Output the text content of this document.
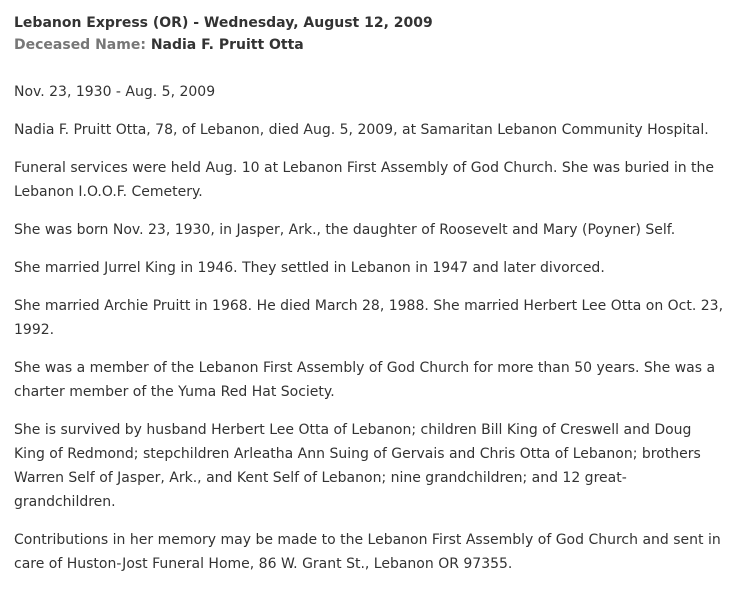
Lebanon Express (OR) - Wednesday, August 12, 2009
Deceased Name: Nadia F. Pruitt Otta

Nov. 23, 1930 - Aug. 5, 2009

Nadia F. Pruitt Otta, 78, of Lebanon, died Aug. 5, 2009, at Samaritan Lebanon Community Hospital.

Funeral services were held Aug. 10 at Lebanon First Assembly of God Church. She was buried in the Lebanon I.O.O.F. Cemetery.

She was born Nov. 23, 1930, in Jasper, Ark., the daughter of Roosevelt and Mary (Poyner) Self.

She married Jurrel King in 1946. They settled in Lebanon in 1947 and later divorced.

She married Archie Pruitt in 1968. He died March 28, 1988. She married Herbert Lee Otta on Oct. 23, 1992.

She was a member of the Lebanon First Assembly of God Church for more than 50 years. She was a charter member of the Yuma Red Hat Society.

She is survived by husband Herbert Lee Otta of Lebanon; children Bill King of Creswell and Doug King of Redmond; stepchildren Arleatha Ann Suing of Gervais and Chris Otta of Lebanon; brothers Warren Self of Jasper, Ark., and Kent Self of Lebanon; nine grandchildren; and 12 great-grandchildren.

Contributions in her memory may be made to the Lebanon First Assembly of God Church and sent in care of Huston-Jost Funeral Home, 86 W. Grant St., Lebanon OR 97355.
